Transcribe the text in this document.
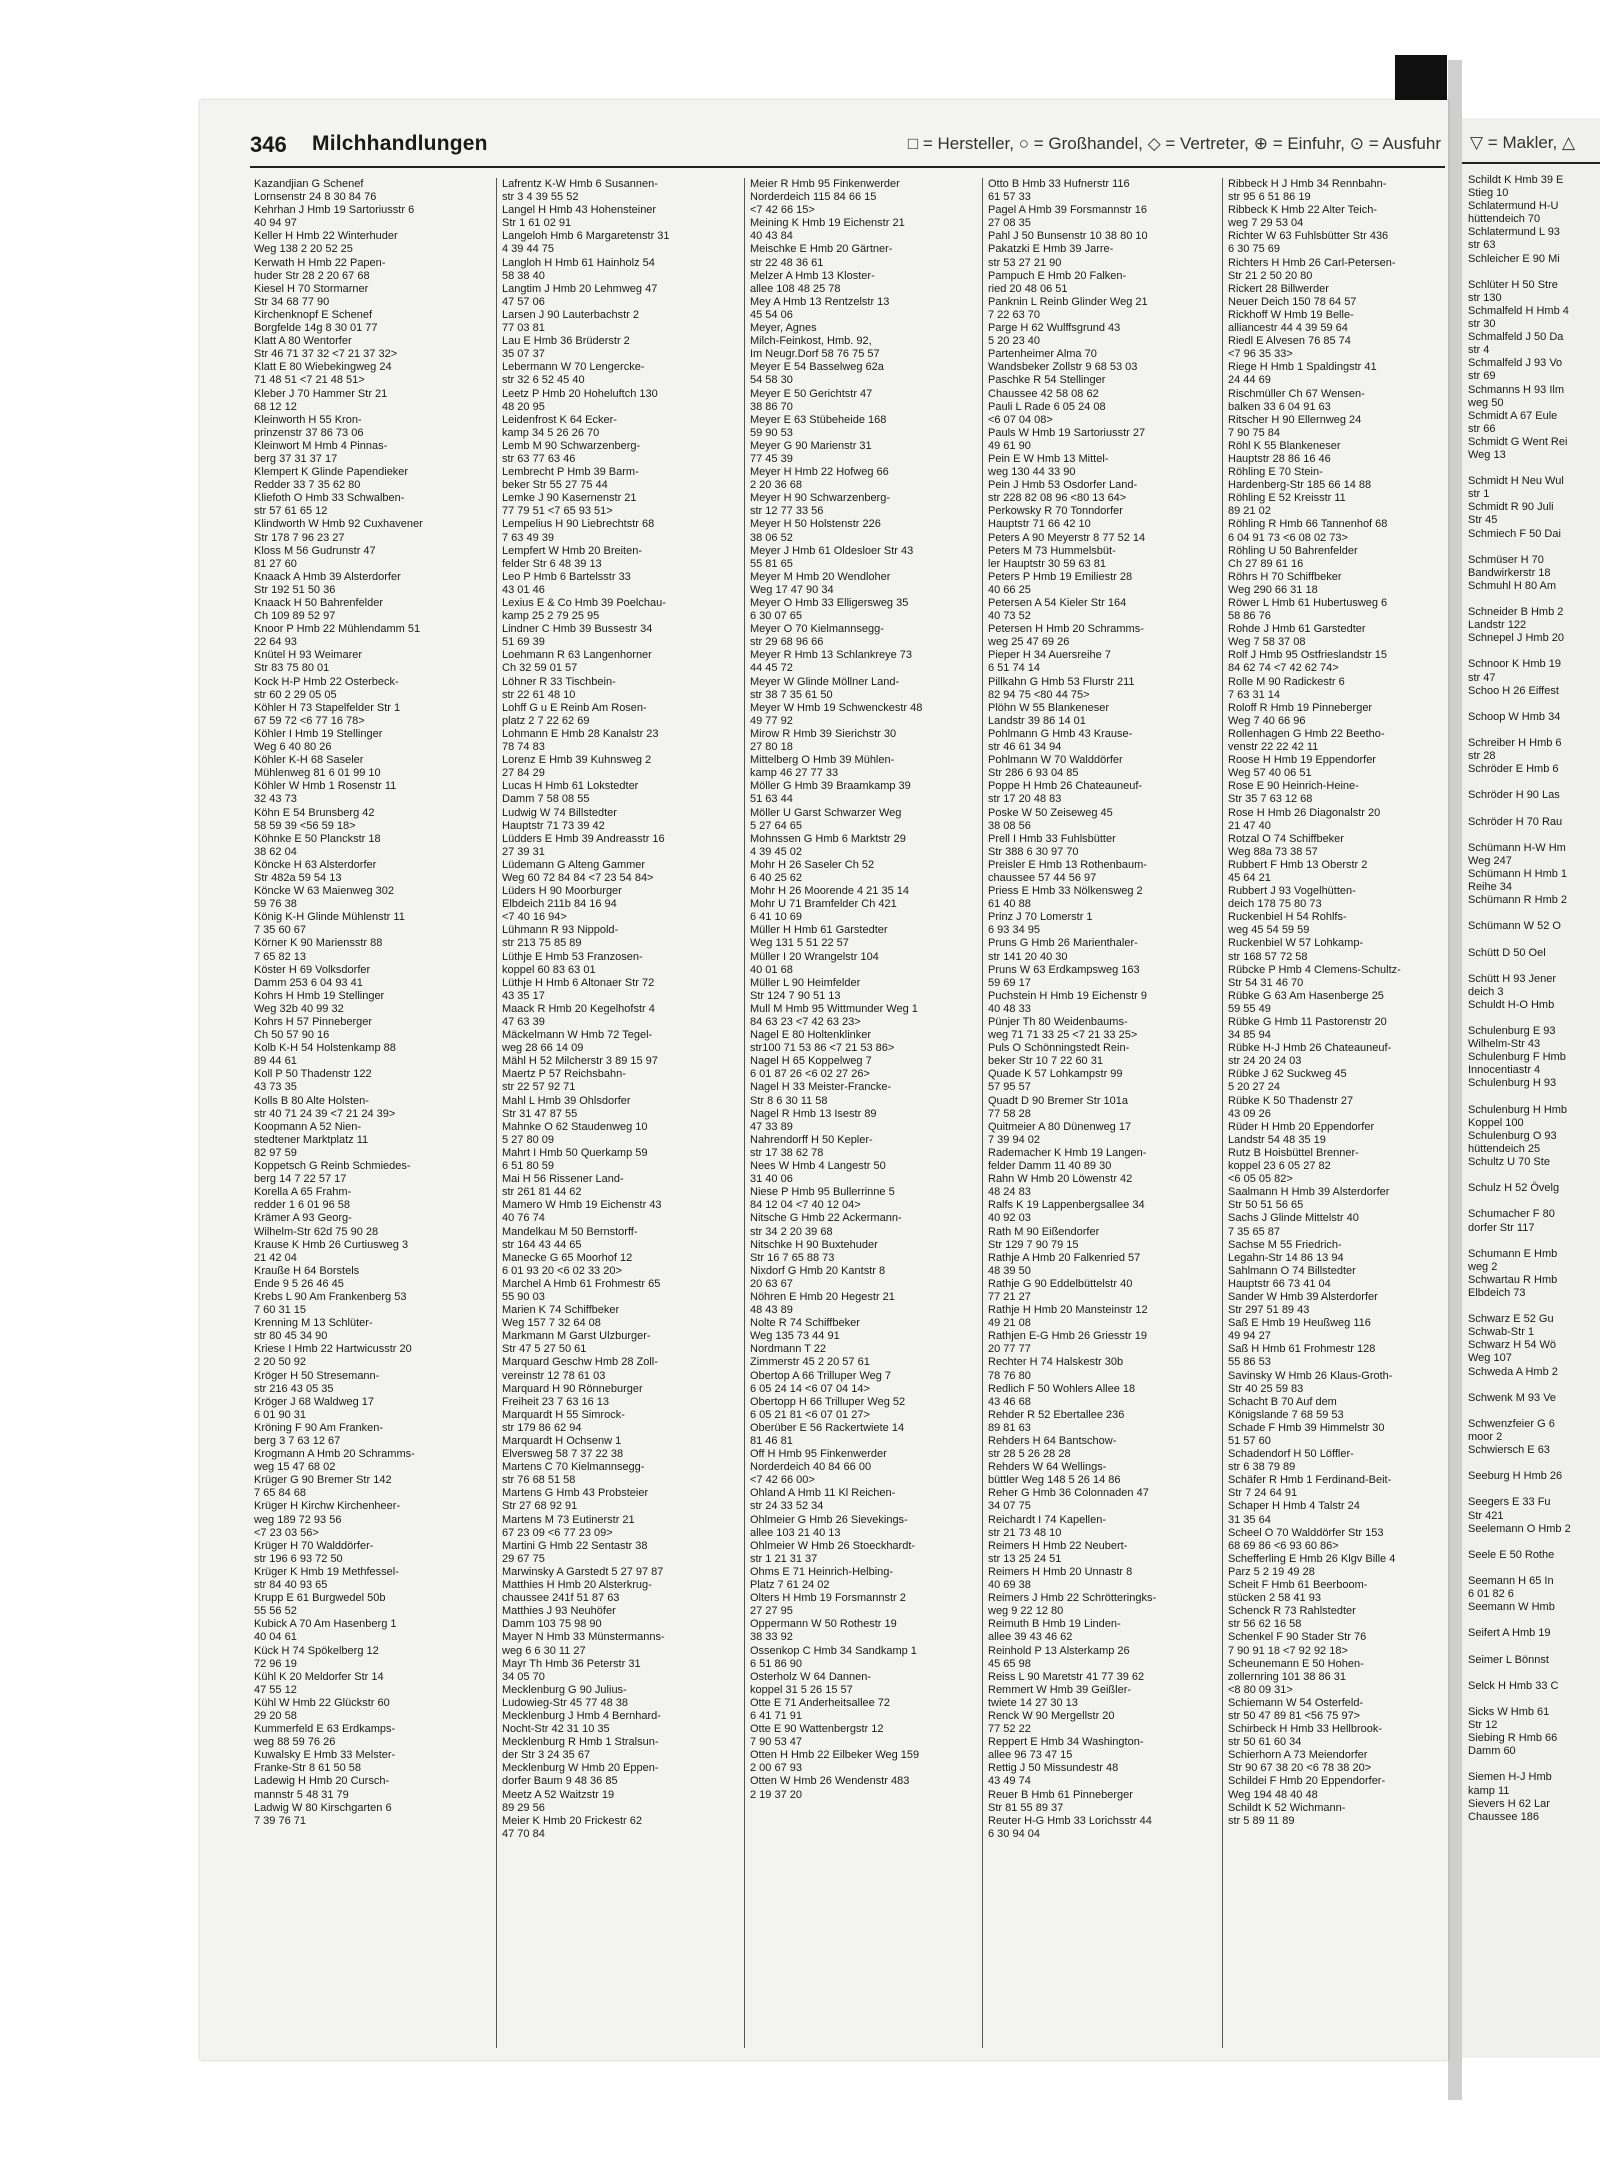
346 Milchhandlungen	□ = Hersteller, ○ = Großhandel, ◇ = Vertreter, ⊕ = Einfuhr, ⊙ = Ausfuhr
Kazandjian G Schenef
Lornsenstr 24 8 30 84 76
Kehrhan J Hmb 19 Sartoriusstr 6
40 94 97
Keller H Hmb 22 Winterhuder
Weg 138 2 20 52 25
Kerwath H Hmb 22 Papen-
huder Str 28 2 20 67 68
Kiesel H 70 Stormarner
Str 34 68 77 90
Kirchenknopf E Schenef
Borgfelde 14g 8 30 01 77
Klatt A 80 Wentorfer
Str 46 71 37 32 <7 21 37 32>
Klatt E 80 Wiebekingweg 24
71 48 51 <7 21 48 51>
Kleber J 70 Hammer Str 21
68 12 12
Kleinworth H 55 Kron-
prinzenstr 37 86 73 06
Kleinwort M Hmb 4 Pinnas-
berg 37 31 37 17
Klempert K Glinde Papendieker
Redder 33 7 35 62 80
Kliefoth O Hmb 33 Schwalben-
str 57 61 65 12
Klindworth W Hmb 92 Cuxhavener
Str 178 7 96 23 27
Kloss M 56 Gudrunstr 47
81 27 60
Knaack A Hmb 39 Alsterdorfer
Str 192 51 50 36
Knaack H 50 Bahrenfelder
Ch 109 89 52 97
Knoor P Hmb 22 Mühlendamm 51
22 64 93
Knütel H 93 Weimarer
Str 83 75 80 01
Kock H-P Hmb 22 Osterbeck-
str 60 2 29 05 05
Köhler H 73 Stapelfelder Str 1
67 59 72 <6 77 16 78>
Köhler I Hmb 19 Stellinger
Weg 6 40 80 26
Köhler K-H 68 Saseler
Mühlenweg 81 6 01 99 10
Köhler W Hmb 1 Rosenstr 11
32 43 73
Köhn E 54 Brunsberg 42
58 59 39 <56 59 18>
Köhnke E 50 Planckstr 18
38 62 04
Köncke H 63 Alsterdorfer
Str 482a 59 54 13
Köncke W 63 Maienweg 302
59 76 38
König K-H Glinde Mühlenstr 11
7 35 60 67
Körner K 90 Mariensstr 88
7 65 82 13
Köster H 69 Volksdorfer
Damm 253 6 04 93 41
Kohrs H Hmb 19 Stellinger
Weg 32b 40 99 32
Kohrs H 57 Pinneberger
Ch 50 57 90 16
Kolb K-H 54 Holstenkamp 88
89 44 61
Koll P 50 Thadenstr 122
43 73 35
Kolls B 80 Alte Holsten-
str 40 71 24 39 <7 21 24 39>
Koopmann A 52 Nien-
stedtener Marktplatz 11
82 97 59
Koppetsch G Reinb Schmiedes-
berg 14 7 22 57 17
Korella A 65 Frahm-
redder 1 6 01 96 58
Krämer A 93 Georg-
Wilhelm-Str 62d 75 90 28
Krause K Hmb 26 Curtiusweg 3
21 42 04
Krauße H 64 Borstels
Ende 9 5 26 46 45
Krebs L 90 Am Frankenberg 53
7 60 31 15
Krenning M 13 Schlüter-
str 80 45 34 90
Kriese I Hmb 22 Hartwicusstr 20
2 20 50 92
Kröger H 50 Stresemann-
str 216 43 05 35
Kröger J 68 Waldweg 17
6 01 90 31
Kröning F 90 Am Franken-
berg 3 7 63 12 67
Krogmann A Hmb 20 Schramms-
weg 15 47 68 02
Krüger G 90 Bremer Str 142
7 65 84 68
Krüger H Kirchw Kirchenheer-
weg 189 72 93 56
<7 23 03 56>
Krüger H 70 Walddörfer-
str 196 6 93 72 50
Krüger K Hmb 19 Methfessel-
str 84 40 93 65
Krupp E 61 Burgwedel 50b
55 56 52
Kubick A 70 Am Hasenberg 1
40 04 61
Kück H 74 Spökelberg 12
72 96 19
Kühl K 20 Meldorfer Str 14
47 55 12
Kühl W Hmb 22 Glückstr 60
29 20 58
Kummerfeld E 63 Erdkamps-
weg 88 59 76 26
Kuwalsky E Hmb 33 Melster-
Franke-Str 8 61 50 58
Ladewig H Hmb 20 Cursch-
mannstr 5 48 31 79
Ladwig W 80 Kirschgarten 6
7 39 76 71
Lafrentz K-W Hmb 6 Susannen-
str 3 4 39 55 52
Langel H Hmb 43 Hohensteiner
Str 1 61 02 91
Langeloh Hmb 6 Margaretenstr 31
4 39 44 75
Langloh H Hmb 61 Hainholz 54
58 38 40
Langtim J Hmb 20 Lehmweg 47
47 57 06
Larsen J 90 Lauterbachstr 2
77 03 81
Lau E Hmb 36 Brüderstr 2
35 07 37
Lebermann W 70 Lengercke-
str 32 6 52 45 40
Leetz P Hmb 20 Hoheluftch 130
48 20 95
Leidenfrost K 64 Ecker-
kamp 34 5 26 26 70
Lemb M 90 Schwarzenberg-
str 63 77 63 46
Lembrecht P Hmb 39 Barm-
beker Str 55 27 75 44
Lemke J 90 Kasernenstr 21
77 79 51 <7 65 93 51>
Lempelius H 90 Liebrechtstr 68
7 63 49 39
Lempfert W Hmb 20 Breiten-
felder Str 6 48 39 13
Leo P Hmb 6 Bartelsstr 33
43 01 46
Lexius E & Co Hmb 39 Poelchau-
kamp 25 2 79 25 95
Lindner C Hmb 39 Bussestr 34
51 69 39
Loehmann R 63 Langenhorner
Ch 32 59 01 57
Löhner R 33 Tischbein-
str 22 61 48 10
Lohff G u E Reinb Am Rosen-
platz 2 7 22 62 69
Lohmann E Hmb 28 Kanalstr 23
78 74 83
Lorenz E Hmb 39 Kuhnsweg 2
27 84 29
Lucas H Hmb 61 Lokstedter
Damm 7 58 08 55
Ludwig W 74 Billstedter
Hauptstr 71 73 39 42
Lüdders E Hmb 39 Andreasstr 16
27 39 31
Lüdemann G Alteng Gammer
Weg 60 72 84 84 <7 23 54 84>
Lüders H 90 Moorburger
Elbdeich 211b 84 16 94
<7 40 16 94>
Lühmann R 93 Nippold-
str 213 75 85 89
Lüthje E Hmb 53 Franzosen-
koppel 60 83 63 01
Lüthje H Hmb 6 Altonaer Str 72
43 35 17
Maack R Hmb 20 Kegelhofstr 4
47 63 39
Mäckelmann W Hmb 72 Tegel-
weg 28 66 14 09
Mähl H 52 Milcherstr 3 89 15 97
Maertz P 57 Reichsbahn-
str 22 57 92 71
Mahl L Hmb 39 Ohlsdorfer
Str 31 47 87 55
Mahnke O 62 Staudenweg 10
5 27 80 09
Mahrt I Hmb 50 Querkamp 59
6 51 80 59
Mai H 56 Rissener Land-
str 261 81 44 62
Mamero W Hmb 19 Eichenstr 43
40 76 74
Mandelkau M 50 Bernstorff-
str 164 43 44 65
Manecke G 65 Moorhof 12
6 01 93 20 <6 02 33 20>
Marchel A Hmb 61 Frohmestr 65
55 90 03
Marien K 74 Schiffbeker
Weg 157 7 32 64 08
Markmann M Garst Ulzburger-
Str 47 5 27 50 61
Marquard Geschw Hmb 28 Zoll-
vereinstr 12 78 61 03
Marquard H 90 Rönneburger
Freiheit 23 7 63 16 13
Marquardt H 55 Simrock-
str 179 86 62 94
Marquardt H Ochsenw 1
Elversweg 58 7 37 22 38
Martens C 70 Kielmannsegg-
str 76 68 51 58
Martens G Hmb 43 Probsteier
Str 27 68 92 91
Martens M 73 Eutinerstr 21
67 23 09 <6 77 23 09>
Martini G Hmb 22 Sentastr 38
29 67 75
Marwinsky A Garstedt 5 27 97 87
Matthies H Hmb 20 Alsterkrug-
chaussee 241f 51 87 63
Matthies J 93 Neuhöfer
Damm 103 75 98 90
Mayer N Hmb 33 Münstermanns-
weg 6 6 30 11 27
Mayr Th Hmb 36 Peterstr 31
34 05 70
Mecklenburg G 90 Julius-
Ludowieg-Str 45 77 48 38
Mecklenburg J Hmb 4 Bernhard-
Nocht-Str 42 31 10 35
Mecklenburg R Hmb 1 Stralsun-
der Str 3 24 35 67
Mecklenburg W Hmb 20 Eppen-
dorfer Baum 9 48 36 85
Meetz A 52 Waitzstr 19
89 29 56
Meier K Hmb 20 Frickestr 62
47 70 84
Meier R Hmb 95 Finkenwerder
Norderdeich 115 84 66 15
<7 42 66 15>
Meining K Hmb 19 Eichenstr 21
40 43 84
Meischke E Hmb 20 Gärtner-
str 22 48 36 61
Melzer A Hmb 13 Kloster-
allee 108 48 25 78
Mey A Hmb 13 Rentzelstr 13
45 54 06
Meyer, Agnes
Milch-Feinkost, Hmb. 92,
Im Neugr.Dorf 58 76 75 57
Meyer E 54 Basselweg 62a
54 58 30
Meyer E 50 Gerichtstr 47
38 86 70
Meyer E 63 Stübeheide 168
59 90 53
Meyer G 90 Marienstr 31
77 45 39
Meyer H Hmb 22 Hofweg 66
2 20 36 68
Meyer H 90 Schwarzenberg-
str 12 77 33 56
Meyer H 50 Holstenstr 226
38 06 52
Meyer J Hmb 61 Oldesloer Str 43
55 81 65
Meyer M Hmb 20 Wendloher
Weg 17 47 90 34
Meyer O Hmb 33 Elligersweg 35
6 30 07 65
Meyer O 70 Kielmannsegg-
str 29 68 96 66
Meyer R Hmb 13 Schlankreye 73
44 45 72
Meyer W Glinde Möllner Land-
str 38 7 35 61 50
Meyer W Hmb 19 Schwenckestr 48
49 77 92
Mirow R Hmb 39 Sierichstr 30
27 80 18
Mittelberg O Hmb 39 Mühlen-
kamp 46 27 77 33
Möller G Hmb 39 Braamkamp 39
51 63 44
Möller U Garst Schwarzer Weg
5 27 64 65
Mohnssen G Hmb 6 Marktstr 29
4 39 45 02
Mohr H 26 Saseler Ch 52
6 40 25 62
Mohr H 26 Moorende 4 21 35 14
Mohr U 71 Bramfelder Ch 421
6 41 10 69
Müller H Hmb 61 Garstedter
Weg 131 5 51 22 57
Müller I 20 Wrangelstr 104
40 01 68
Müller L 90 Heimfelder
Str 124 7 90 51 13
Mull M Hmb 95 Wittmunder Weg 1
84 63 23 <7 42 63 23>
Nagel E 80 Holtenklinker
str100 71 53 86 <7 21 53 86>
Nagel H 65 Koppelweg 7
6 01 87 26 <6 02 27 26>
Nagel H 33 Meister-Francke-
Str 8 6 30 11 58
Nagel R Hmb 13 Isestr 89
47 33 89
Nahrendorff H 50 Kepler-
str 17 38 62 78
Nees W Hmb 4 Langestr 50
31 40 06
Niese P Hmb 95 Bullerrinne 5
84 12 04 <7 40 12 04>
Nitsche G Hmb 22 Ackermann-
str 34 2 20 39 68
Nitschke H 90 Buxtehuder
Str 16 7 65 88 73
Nixdorf G Hmb 20 Kantstr 8
20 63 67
Nöhren E Hmb 20 Hegestr 21
48 43 89
Nolte R 74 Schiffbeker
Weg 135 73 44 91
Nordmann T 22
Zimmerstr 45 2 20 57 61
Obertop A 66 Trilluper Weg 7
6 05 24 14 <6 07 04 14>
Obertopp H 66 Trilluper Weg 52
6 05 21 81 <6 07 01 27>
Oberüber E 56 Rackertwiete 14
81 46 81
Off H Hmb 95 Finkenwerder
Norderdeich 40 84 66 00
<7 42 66 00>
Ohland A Hmb 11 Kl Reichen-
str 24 33 52 34
Ohlmeier G Hmb 26 Sievekings-
allee 103 21 40 13
Ohlmeier W Hmb 26 Stoeckhardt-
str 1 21 31 37
Ohms E 71 Heinrich-Helbing-
Platz 7 61 24 02
Olters H Hmb 19 Forsmannstr 2
27 27 95
Oppermann W 50 Rothestr 19
38 33 92
Ossenkop C Hmb 34 Sandkamp 1
6 51 86 90
Osterholz W 64 Dannen-
koppel 31 5 26 15 57
Otte E 71 Anderheitsallee 72
6 41 71 91
Otte E 90 Wattenbergstr 12
7 90 53 47
Otten H Hmb 22 Eilbeker Weg 159
2 00 67 93
Otten W Hmb 26 Wendenstr 483
2 19 37 20
Otto B Hmb 33 Hufnerstr 116
61 57 33
Pagel A Hmb 39 Forsmannstr 16
27 08 35
Pahl J 50 Bunsenstr 10 38 80 10
Pakatzki E Hmb 39 Jarre-
str 53 27 21 90
Pampuch E Hmb 20 Falken-
ried 20 48 06 51
Panknin L Reinb Glinder Weg 21
7 22 63 70
Parge H 62 Wulffsgrund 43
5 20 23 40
Partenheimer Alma 70
Wandsbeker Zollstr 9 68 53 03
Paschke R 54 Stellinger
Chaussee 42 58 08 62
Pauli L Rade 6 05 24 08
<6 07 04 08>
Pauls W Hmb 19 Sartoriusstr 27
49 61 90
Pein E W Hmb 13 Mittel-
weg 130 44 33 90
Pein J Hmb 53 Osdorfer Land-
str 228 82 08 96 <80 13 64>
Perkowsky R 70 Tonndorfer
Hauptstr 71 66 42 10
Peters A 90 Meyerstr 8 77 52 14
Peters M 73 Hummelsbüt-
ler Hauptstr 30 59 63 81
Peters P Hmb 19 Emiliestr 28
40 66 25
Petersen A 54 Kieler Str 164
40 73 52
Petersen H Hmb 20 Schramms-
weg 25 47 69 26
Pieper H 34 Auersreihe 7
6 51 74 14
Pillkahn G Hmb 53 Flurstr 211
82 94 75 <80 44 75>
Plöhn W 55 Blankeneser
Landstr 39 86 14 01
Pohlmann G Hmb 43 Krause-
str 46 61 34 94
Pohlmann W 70 Walddörfer
Str 286 6 93 04 85
Poppe H Hmb 26 Chateauneuf-
str 17 20 48 83
Poske W 50 Zeiseweg 45
38 08 56
Prell I Hmb 33 Fuhlsbütter
Str 388 6 30 97 70
Preisler E Hmb 13 Rothenbaum-
chaussee 57 44 56 97
Priess E Hmb 33 Nölkensweg 2
61 40 88
Prinz J 70 Lomerstr 1
6 93 34 95
Pruns G Hmb 26 Marienthaler-
str 141 20 40 30
Pruns W 63 Erdkampsweg 163
59 69 17
Puchstein H Hmb 19 Eichenstr 9
40 48 33
Pünjer Th 80 Weidenbaums-
weg 71 71 33 25 <7 21 33 25>
Puls O Schönningstedt Rein-
beker Str 10 7 22 60 31
Quade K 57 Lohkampstr 99
57 95 57
Quadt D 90 Bremer Str 101a
77 58 28
Quitmeier A 80 Dünenweg 17
7 39 94 02
Rademacher K Hmb 19 Langen-
felder Damm 11 40 89 30
Rahn W Hmb 20 Löwenstr 42
48 24 83
Ralfs K 19 Lappenbergsallee 34
40 92 03
Rath M 90 Eißendorfer
Str 129 7 90 79 15
Rathje A Hmb 20 Falkenried 57
48 39 50
Rathje G 90 Eddelbüttelstr 40
77 21 27
Rathje H Hmb 20 Mansteinstr 12
49 21 08
Rathjen E-G Hmb 26 Griesstr 19
20 77 77
Rechter H 74 Halskestr 30b
78 76 80
Redlich F 50 Wohlers Allee 18
43 46 68
Rehder R 52 Ebertallee 236
89 81 63
Rehders H 64 Bantschow-
str 28 5 26 28 28
Rehders W 64 Wellings-
büttler Weg 148 5 26 14 86
Reher G Hmb 36 Colonnaden 47
34 07 75
Reichardt I 74 Kapellen-
str 21 73 48 10
Reimers H Hmb 22 Neubert-
str 13 25 24 51
Reimers H Hmb 20 Unnastr 8
40 69 38
Reimers J Hmb 22 Schrötteringks-
weg 9 22 12 80
Reimuth B Hmb 19 Linden-
allee 39 43 46 62
Reinhold P 13 Alsterkamp 26
45 65 98
Reiss L 90 Maretstr 41 77 39 62
Remmert W Hmb 39 Geißler-
twiete 14 27 30 13
Renck W 90 Mergellstr 20
77 52 22
Reppert E Hmb 34 Washington-
allee 96 73 47 15
Rettig J 50 Missundestr 48
43 49 74
Reuer B Hmb 61 Pinneberger
Str 81 55 89 37
Reuter H-G Hmb 33 Lorichsstr 44
6 30 94 04
Ribbeck H J Hmb 34 Rennbahn-
str 95 6 51 86 19
Ribbeck K Hmb 22 Alter Teich-
weg 7 29 53 04
Richter W 63 Fuhlsbütter Str 436
6 30 75 69
Richters H Hmb 26 Carl-Petersen-
Str 21 2 50 20 80
Rickert 28 Billwerder
Neuer Deich 150 78 64 57
Rickhoff W Hmb 19 Belle-
alliancestr 44 4 39 59 64
Riedl E Alvesen 76 85 74
<7 96 35 33>
Riege H Hmb 1 Spaldingstr 41
24 44 69
Rischmüller Ch 67 Wensen-
balken 33 6 04 91 63
Ritscher H 90 Ellernweg 24
7 90 75 84
Röhl K 55 Blankeneser
Hauptstr 28 86 16 46
Röhling E 70 Stein-
Hardenberg-Str 185 66 14 88
Röhling E 52 Kreisstr 11
89 21 02
Röhling R Hmb 66 Tannenhof 68
6 04 91 73 <6 08 02 73>
Röhling U 50 Bahrenfelder
Ch 27 89 61 16
Röhrs H 70 Schiffbeker
Weg 290 66 31 18
Röwer L Hmb 61 Hubertusweg 6
58 86 76
Rohde J Hmb 61 Garstedter
Weg 7 58 37 08
Rolf J Hmb 95 Ostfrieslandstr 15
84 62 74 <7 42 62 74>
Rolle M 90 Radickestr 6
7 63 31 14
Roloff R Hmb 19 Pinneberger
Weg 7 40 66 96
Rollenhagen G Hmb 22 Beetho-
venstr 22 22 42 11
Roose H Hmb 19 Eppendorfer
Weg 57 40 06 51
Rose E 90 Heinrich-Heine-
Str 35 7 63 12 68
Rose H Hmb 26 Diagonalstr 20
21 47 40
Rotzal O 74 Schiffbeker
Weg 88a 73 38 57
Rubbert F Hmb 13 Oberstr 2
45 64 21
Rubbert J 93 Vogelhütten-
deich 178 75 80 73
Ruckenbiel H 54 Rohlfs-
weg 45 54 59 59
Ruckenbiel W 57 Lohkamp-
str 168 57 72 58
Rübcke P Hmb 4 Clemens-Schultz-
Str 54 31 46 70
Rübke G 63 Am Hasenberge 25
59 55 49
Rübke G Hmb 11 Pastorenstr 20
34 85 94
Rübke H-J Hmb 26 Chateauneuf-
str 24 20 24 03
Rübke J 62 Suckweg 45
5 20 27 24
Rübke K 50 Thadenstr 27
43 09 26
Rüder H Hmb 20 Eppendorfer
Landstr 54 48 35 19
Rutz B Hoisbüttel Brenner-
koppel 23 6 05 27 82
<6 05 05 82>
Saalmann H Hmb 39 Alsterdorfer
Str 50 51 56 65
Sachs J Glinde Mittelstr 40
7 35 65 87
Sachse M 55 Friedrich-
Legahn-Str 14 86 13 94
Sahlmann O 74 Billstedter
Hauptstr 66 73 41 04
Sander W Hmb 39 Alsterdorfer
Str 297 51 89 43
Saß E Hmb 19 Heußweg 116
49 94 27
Saß H Hmb 61 Frohmestr 128
55 86 53
Savinsky W Hmb 26 Klaus-Groth-
Str 40 25 59 83
Schacht B 70 Auf dem
Königslande 7 68 59 53
Schade F Hmb 39 Himmelstr 30
51 57 60
Schadendorf H 50 Löffler-
str 6 38 79 89
Schäfer R Hmb 1 Ferdinand-Beit-
Str 7 24 64 91
Schaper H Hmb 4 Talstr 24
31 35 64
Scheel O 70 Walddörfer Str 153
68 69 86 <6 93 60 86>
Schefferling E Hmb 26 Klgv Bille 4
Parz 5 2 19 49 28
Scheit F Hmb 61 Beerboom-
stücken 2 58 41 93
Schenck R 73 Rahlstedter
str 56 62 16 58
Schenkel F 90 Stader Str 76
7 90 91 18 <7 92 92 18>
Scheunemann E 50 Hohen-
zollernring 101 38 86 31
<8 80 09 31>
Schiemann W 54 Osterfeld-
str 50 47 89 81 <56 75 97>
Schirbeck H Hmb 33 Hellbrook-
str 50 61 60 34
Schierhorn A 73 Meiendorfer
Str 90 67 38 20 <6 78 38 20>
Schildei F Hmb 20 Eppendorfer-
Weg 194 48 40 48
Schildt K 52 Wichmann-
str 5 89 11 89
▽ = Makler, △
Schildt K Hmb 39 E
Stieg 10
Schlatermund H-U
hüttendeich 70
Schlatermund L 93
str 63
Schleicher E 90 Mi

Schlüter H 50 Stre
str 130
Schmalfeld H Hmb 4
str 30
Schmalfeld J 50 Da
str 4
Schmalfeld J 93 Vo
str 69
Schmanns H 93 Ilm
weg 50
Schmidt A 67 Eule
str 66
Schmidt G Went Rei
Weg 13

Schmidt H Neu Wul
str 1
Schmidt R 90 Juli
Str 45
Schmiech F 50 Dai

Schmüser H 70
Bandwirkerstr 18
Schmuhl H 80 Am

Schneider B Hmb 2
Landstr 122
Schnepel J Hmb 20

Schnoor K Hmb 19
str 47
Schoo H 26 Eiffest

Schoop W Hmb 34

Schreiber H Hmb 6
str 28
Schröder E Hmb 6

Schröder H 90 Las

Schröder H 70 Rau

Schümann H-W Hm
Weg 247
Schümann H Hmb 1
Reihe 34
Schümann R Hmb 2

Schümann W 52 O

Schütt D 50 Oel

Schütt H 93 Jener
deich 3
Schuldt H-O Hmb

Schulenburg E 93
Wilhelm-Str 43
Schulenburg F Hmb
Innocentiastr 4
Schulenburg H 93

Schulenburg H Hmb
Koppel 100
Schulenburg O 93
hüttendeich 25
Schultz U 70 Ste

Schulz H 52 Övelg

Schumacher F 80
dorfer Str 117

Schumann E Hmb
weg 2
Schwartau R Hmb
Elbdeich 73

Schwarz E 52 Gu
Schwab-Str 1
Schwarz H 54 Wö
Weg 107
Schweda A Hmb 2

Schwenk M 93 Ve

Schwenzfeier G 6
moor 2
Schwiersch E 63

Seeburg H Hmb 26

Seegers E 33 Fu
Str 421
Seelemann O Hmb 2

Seele E 50 Rothe

Seemann H 65 In
6 01 82 6
Seemann W Hmb

Seifert A Hmb 19

Seimer L Bönnst

Selck H Hmb 33 C

Sicks W Hmb 61
Str 12
Siebing R Hmb 66
Damm 60

Siemen H-J Hmb
kamp 11
Sievers H 62 Lar
Chaussee 186
